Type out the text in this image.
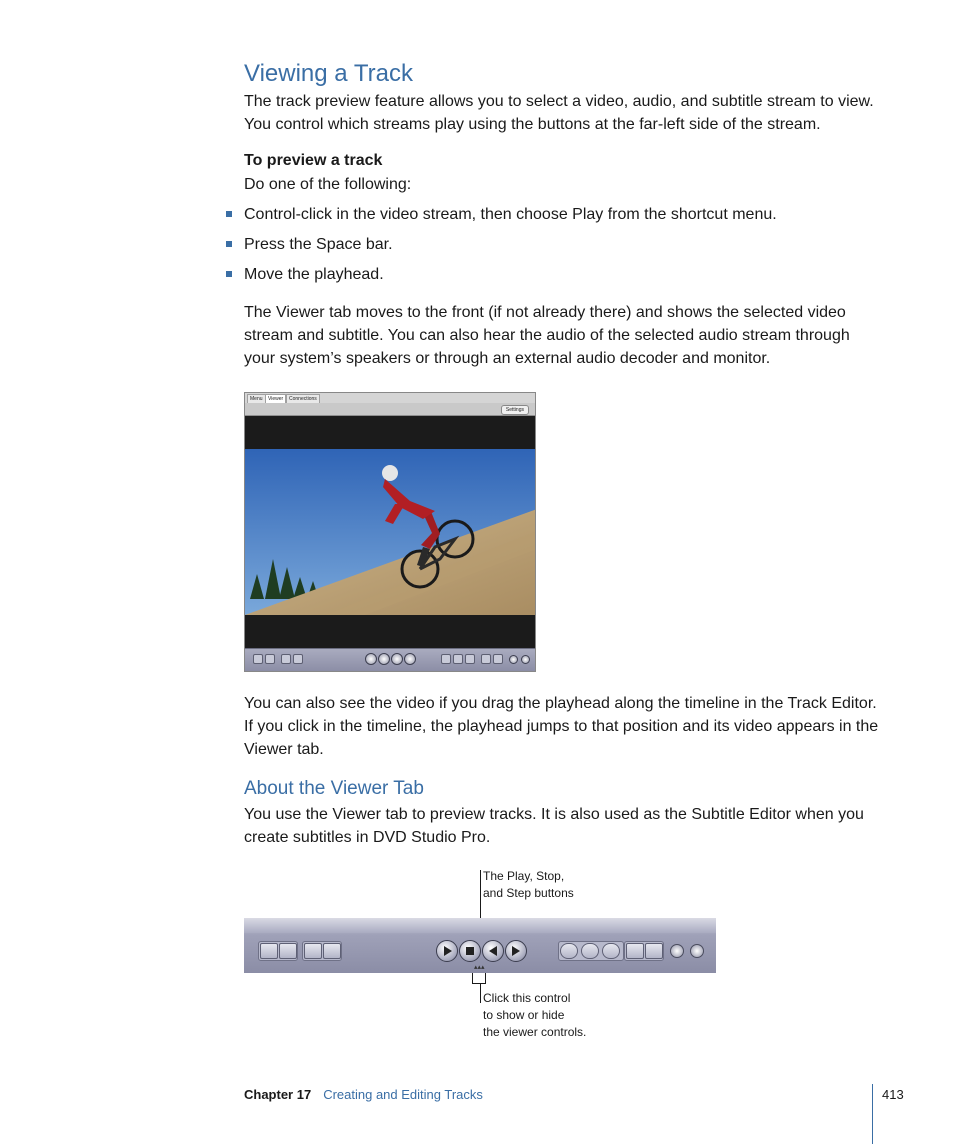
Viewing a Track

The track preview feature allows you to select a video, audio, and subtitle stream to view. You control which streams play using the buttons at the far-left side of the stream.

To preview a track

Do one of the following:

Control-click in the video stream, then choose Play from the shortcut menu.
Press the Space bar.
Move the playhead.

The Viewer tab moves to the front (if not already there) and shows the selected video stream and subtitle. You can also hear the audio of the selected audio stream through your system’s speakers or through an external audio decoder and monitor.

Menu	Viewer	Connections
Settings

You can also see the video if you drag the playhead along the timeline in the Track Editor. If you click in the timeline, the playhead jumps to that position and its video appears in the Viewer tab.

About the Viewer Tab

You use the Viewer tab to preview tracks. It is also used as the Subtitle Editor when you create subtitles in DVD Studio Pro.

The Play, Stop,
and Step buttons
▴▴▴
Click this control
to show or hide
the viewer controls.
Chapter 17 Creating and Editing Tracks	413
